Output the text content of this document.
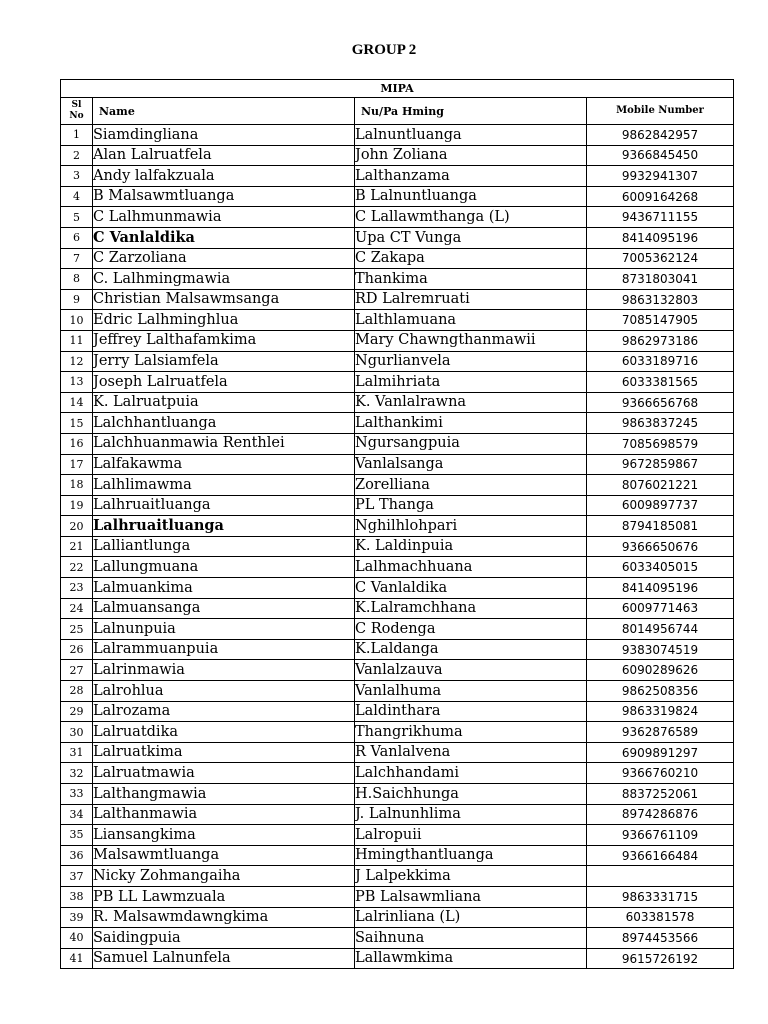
GROUP 2
MIPA			
Sl No	Name	Nu/Pa Hming	Mobile Number
1	Siamdingliana	Lalnuntluanga	9862842957
2	Alan Lalruatfela	John Zoliana	9366845450
3	Andy lalfakzuala	Lalthanzama	9932941307
4	B Malsawmtluanga	B Lalnuntluanga	6009164268
5	C Lalhmunmawia	C Lallawmthanga (L)	9436711155
6	C Vanlaldika	Upa CT Vunga	8414095196
7	C Zarzoliana	C Zakapa	7005362124
8	C. Lalhmingmawia	Thankima	8731803041
9	Christian Malsawmsanga	RD Lalremruati	9863132803
10	Edric Lalhminghlua	Lalthlamuana	7085147905
11	Jeffrey Lalthafamkima	Mary Chawngthanmawii	9862973186
12	Jerry Lalsiamfela	Ngurlianvela	6033189716
13	Joseph Lalruatfela	Lalmihriata	6033381565
14	K. Lalruatpuia	K. Vanlalrawna	9366656768
15	Lalchhantluanga	Lalthankimi	9863837245
16	Lalchhuanmawia Renthlei	Ngursangpuia	7085698579
17	Lalfakawma	Vanlalsanga	9672859867
18	Lalhlimawma	Zorelliana	8076021221
19	Lalhruaitluanga	PL Thanga	6009897737
20	Lalhruaitluanga	Nghilhlohpari	8794185081
21	Lalliantlunga	K. Laldinpuia	9366650676
22	Lallungmuana	Lalhmachhuana	6033405015
23	Lalmuankima	C Vanlaldika	8414095196
24	Lalmuansanga	K.Lalramchhana	6009771463
25	Lalnunpuia	C Rodenga	8014956744
26	Lalrammuanpuia	K.Laldanga	9383074519
27	Lalrinmawia	Vanlalzauva	6090289626
28	Lalrohlua	Vanlalhuma	9862508356
29	Lalrozama	Laldinthara	9863319824
30	Lalruatdika	Thangrikhuma	9362876589
31	Lalruatkima	R Vanlalvena	6909891297
32	Lalruatmawia	Lalchhandami	9366760210
33	Lalthangmawia	H.Saichhunga	8837252061
34	Lalthanmawia	J. Lalnunhlima	8974286876
35	Liansangkima	Lalropuii	9366761109
36	Malsawmtluanga	Hmingthantluanga	9366166484
37	Nicky Zohmangaiha	J Lalpekkima	
38	PB LL Lawmzuala	PB Lalsawmliana	9863331715
39	R. Malsawmdawngkima	Lalrinliana (L)	603381578
40	Saidingpuia	Saihnuna	8974453566
41	Samuel Lalnunfela	Lallawmkima	9615726192
